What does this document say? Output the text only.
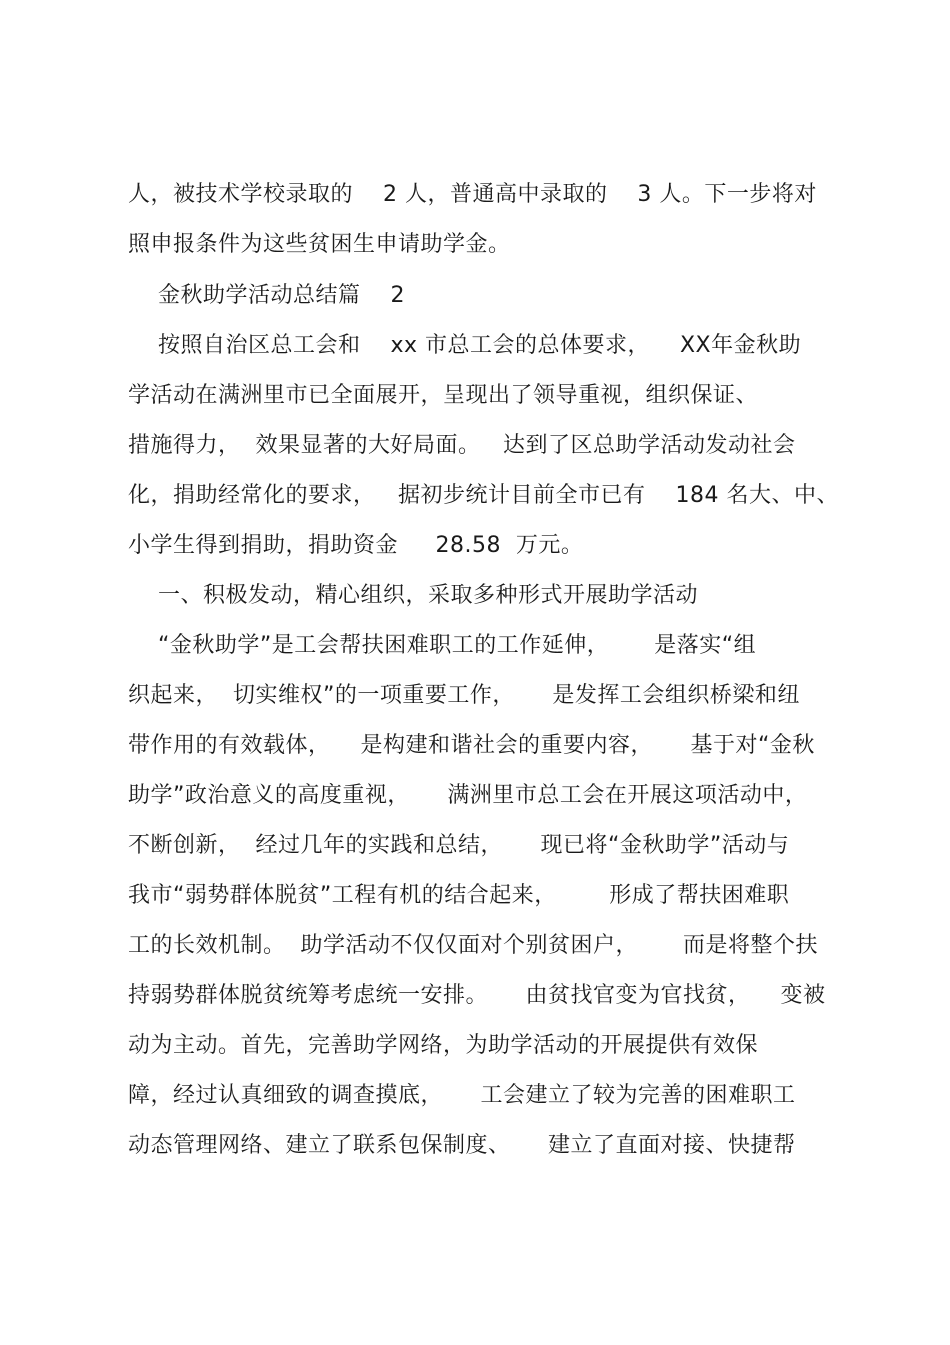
人，被技术学校录取的    2 人，普通高中录取的    3 人。下一步将对
照申报条件为这些贫困生申请助学金。
金秋助学活动总结篇    2
按照自治区总工会和    xx 市总工会的总体要求，    XX年金秋助
学活动在满洲里市已全面展开，呈现出了领导重视，组织保证、
措施得力，  效果显著的大好局面。   达到了区总助学活动发动社会
化，捐助经常化的要求，   据初步统计目前全市已有    184 名大、中、
小学生得到捐助，捐助资金     28.58  万元。
一、积极发动，精心组织，采取多种形式开展助学活动
“金秋助学”是工会帮扶困难职工的工作延伸，      是落实“组
织起来，  切实维权”的一项重要工作，     是发挥工会组织桥梁和纽
带作用的有效载体，    是构建和谐社会的重要内容，     基于对“金秋
助学”政治意义的高度重视，     满洲里市总工会在开展这项活动中，
不断创新，  经过几年的实践和总结，     现已将“金秋助学”活动与
我市“弱势群体脱贫”工程有机的结合起来，       形成了帮扶困难职
工的长效机制。  助学活动不仅仅面对个别贫困户，      而是将整个扶
持弱势群体脱贫统筹考虑统一安排。     由贫找官变为官找贫，    变被
动为主动。首先，完善助学网络，为助学活动的开展提供有效保
障，经过认真细致的调查摸底，     工会建立了较为完善的困难职工
动态管理网络、建立了联系包保制度、     建立了直面对接、快捷帮
